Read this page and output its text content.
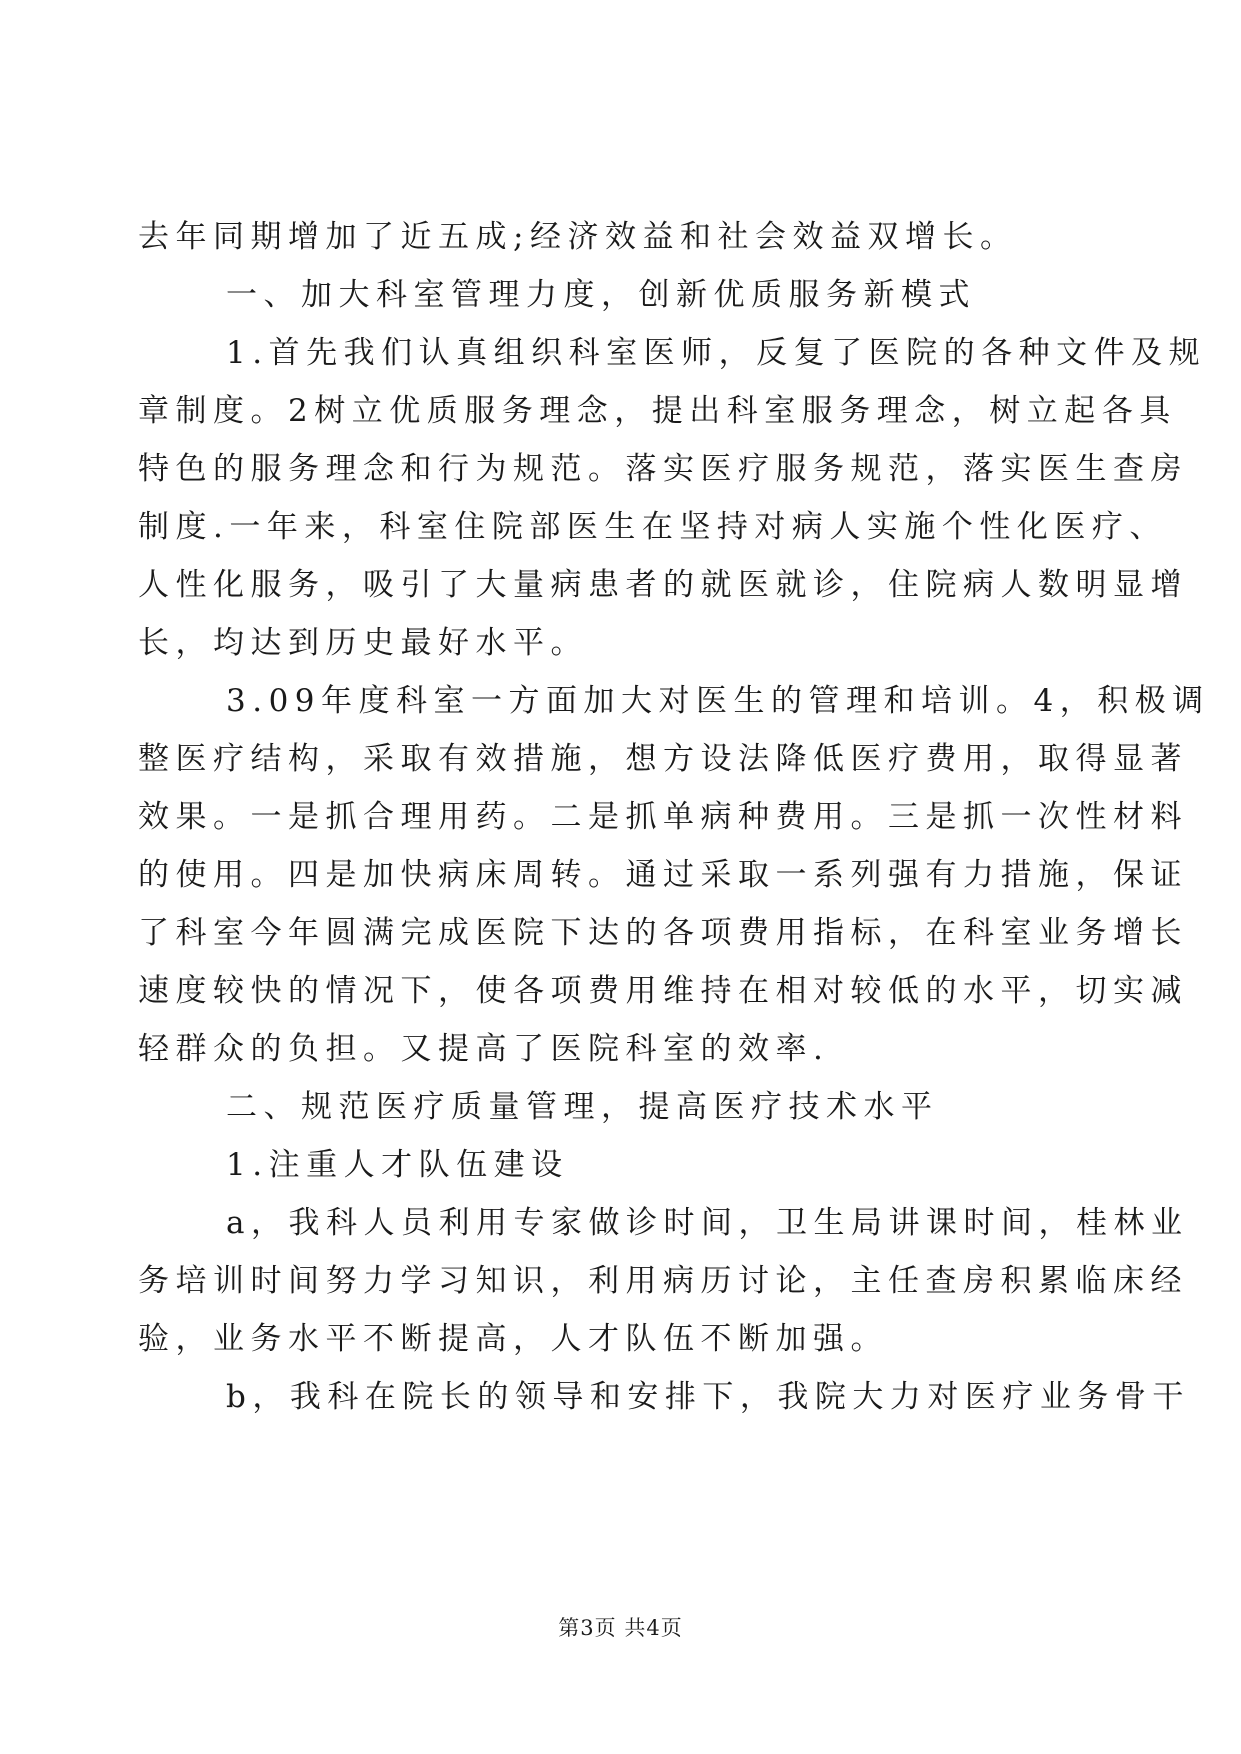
去年同期增加了近五成;经济效益和社会效益双增长。
一、加大科室管理力度，创新优质服务新模式
1.首先我们认真组织科室医师，反复了医院的各种文件及规
章制度。2树立优质服务理念，提出科室服务理念，树立起各具
特色的服务理念和行为规范。落实医疗服务规范，落实医生查房
制度.一年来，科室住院部医生在坚持对病人实施个性化医疗、
人性化服务，吸引了大量病患者的就医就诊，住院病人数明显增
长，均达到历史最好水平。
3.09年度科室一方面加大对医生的管理和培训。4，积极调
整医疗结构，采取有效措施，想方设法降低医疗费用，取得显著
效果。一是抓合理用药。二是抓单病种费用。三是抓一次性材料
的使用。四是加快病床周转。通过采取一系列强有力措施，保证
了科室今年圆满完成医院下达的各项费用指标，在科室业务增长
速度较快的情况下，使各项费用维持在相对较低的水平，切实减
轻群众的负担。又提高了医院科室的效率.
二、规范医疗质量管理，提高医疗技术水平
1.注重人才队伍建设
a，我科人员利用专家做诊时间，卫生局讲课时间，桂林业
务培训时间努力学习知识，利用病历讨论，主任查房积累临床经
验，业务水平不断提高，人才队伍不断加强。
b，我科在院长的领导和安排下，我院大力对医疗业务骨干
第3页 共4页
